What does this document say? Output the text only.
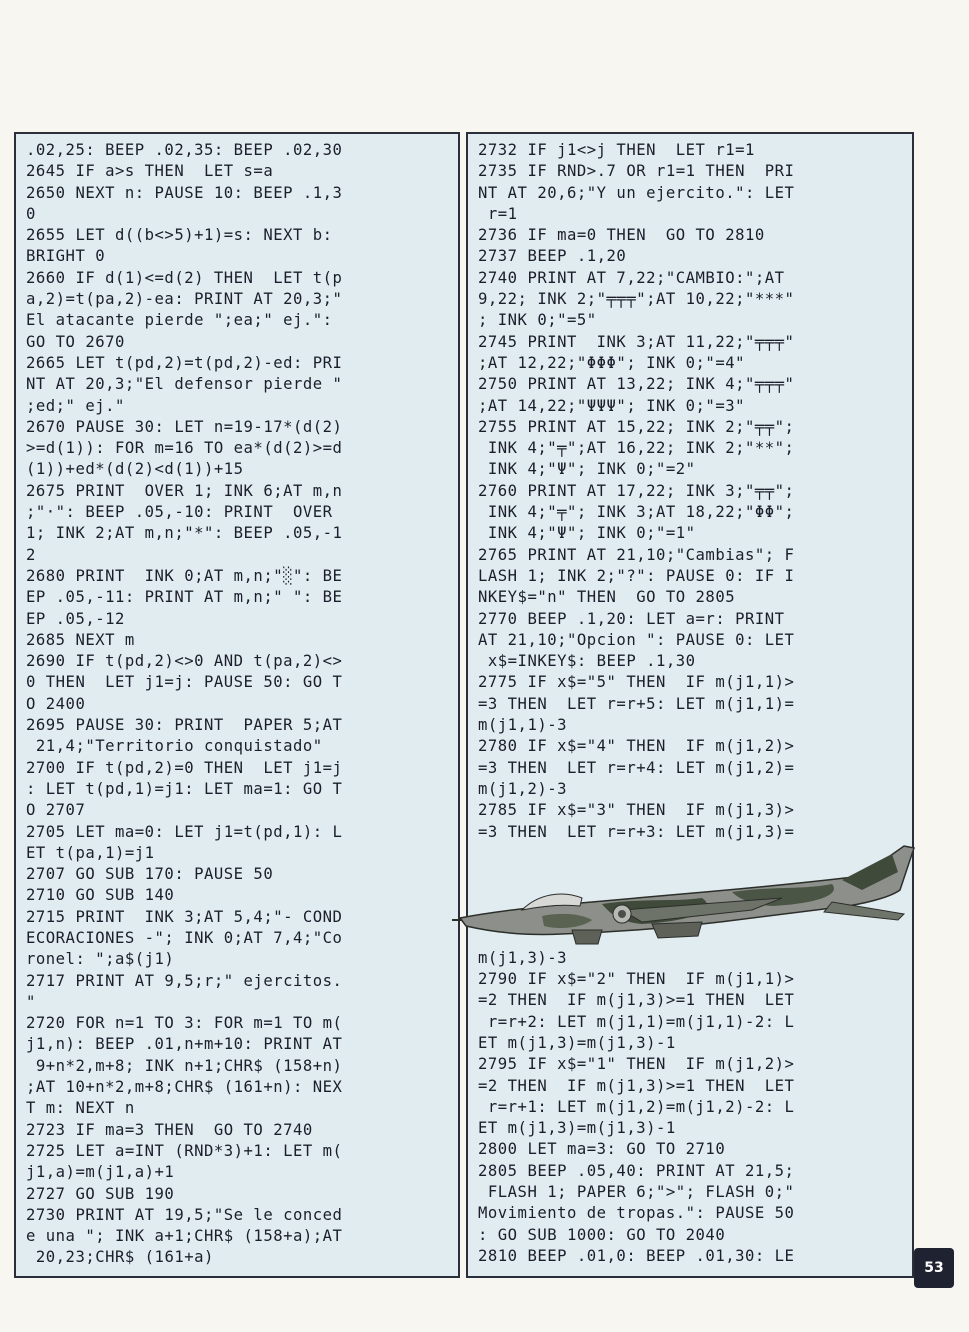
.02,25: BEEP .02,35: BEEP .02,30
2645 IF a>s THEN  LET s=a
2650 NEXT n: PAUSE 10: BEEP .1,3
0
2655 LET d((b<>5)+1)=s: NEXT b:
BRIGHT 0
2660 IF d(1)<=d(2) THEN  LET t(p
a,2)=t(pa,2)-ea: PRINT AT 20,3;"
El atacante pierde ";ea;" ej.":
GO TO 2670
2665 LET t(pd,2)=t(pd,2)-ed: PRI
NT AT 20,3;"El defensor pierde "
;ed;" ej."
2670 PAUSE 30: LET n=19-17*(d(2)
>=d(1)): FOR m=16 TO ea*(d(2)>=d
(1))+ed*(d(2)<d(1))+15
2675 PRINT  OVER 1; INK 6;AT m,n
;"·": BEEP .05,-10: PRINT  OVER
1; INK 2;AT m,n;"*": BEEP .05,-1
2
2680 PRINT  INK 0;AT m,n;"░": BE
EP .05,-11: PRINT AT m,n;" ": BE
EP .05,-12
2685 NEXT m
2690 IF t(pd,2)<>0 AND t(pa,2)<>
0 THEN  LET j1=j: PAUSE 50: GO T
O 2400
2695 PAUSE 30: PRINT  PAPER 5;AT
21,4;"Territorio conquistado"
2700 IF t(pd,2)=0 THEN  LET j1=j
: LET t(pd,1)=j1: LET ma=1: GO T
O 2707
2705 LET ma=0: LET j1=t(pd,1): L
ET t(pa,1)=j1
2707 GO SUB 170: PAUSE 50
2710 GO SUB 140
2715 PRINT  INK 3;AT 5,4;"- COND
ECORACIONES -"; INK 0;AT 7,4;"Co
ronel: ";a$(j1)
2717 PRINT AT 9,5;r;" ejercitos.
"
2720 FOR n=1 TO 3: FOR m=1 TO m(
j1,n): BEEP .01,n+m+10: PRINT AT
9+n*2,m+8; INK n+1;CHR$ (158+n)
;AT 10+n*2,m+8;CHR$ (161+n): NEX
T m: NEXT n
2723 IF ma=3 THEN  GO TO 2740
2725 LET a=INT (RND*3)+1: LET m(
j1,a)=m(j1,a)+1
2727 GO SUB 190
2730 PRINT AT 19,5;"Se le conced
e una "; INK a+1;CHR$ (158+a);AT
20,23;CHR$ (161+a)
2732 IF j1<>j THEN  LET r1=1
2735 IF RND>.7 OR r1=1 THEN  PRI
NT AT 20,6;"Y un ejercito.": LET
r=1
2736 IF ma=0 THEN  GO TO 2810
2737 BEEP .1,20
2740 PRINT AT 7,22;"CAMBIO:";AT
9,22; INK 2;"╤╤╤";AT 10,22;"***"
; INK 0;"=5"
2745 PRINT  INK 3;AT 11,22;"╤╤╤"
;AT 12,22;"ΦΦΦ"; INK 0;"=4"
2750 PRINT AT 13,22; INK 4;"╤╤╤"
;AT 14,22;"ΨΨΨ"; INK 0;"=3"
2755 PRINT AT 15,22; INK 2;"╤╤";
INK 4;"╤";AT 16,22; INK 2;"**";
INK 4;"Ψ"; INK 0;"=2"
2760 PRINT AT 17,22; INK 3;"╤╤";
INK 4;"╤"; INK 3;AT 18,22;"ΦΦ";
INK 4;"Ψ"; INK 0;"=1"
2765 PRINT AT 21,10;"Cambias"; F
LASH 1; INK 2;"?": PAUSE 0: IF I
NKEY$="n" THEN  GO TO 2805
2770 BEEP .1,20: LET a=r: PRINT
AT 21,10;"Opcion ": PAUSE 0: LET
x$=INKEY$: BEEP .1,30
2775 IF x$="5" THEN  IF m(j1,1)>
=3 THEN  LET r=r+5: LET m(j1,1)=
m(j1,1)-3
2780 IF x$="4" THEN  IF m(j1,2)>
=3 THEN  LET r=r+4: LET m(j1,2)=
m(j1,2)-3
2785 IF x$="3" THEN  IF m(j1,3)>
=3 THEN  LET r=r+3: LET m(j1,3)=
m(j1,3)-3
2790 IF x$="2" THEN  IF m(j1,1)>
=2 THEN  IF m(j1,3)>=1 THEN  LET
r=r+2: LET m(j1,1)=m(j1,1)-2: L
ET m(j1,3)=m(j1,3)-1
2795 IF x$="1" THEN  IF m(j1,2)>
=2 THEN  IF m(j1,3)>=1 THEN  LET
r=r+1: LET m(j1,2)=m(j1,2)-2: L
ET m(j1,3)=m(j1,3)-1
2800 LET ma=3: GO TO 2710
2805 BEEP .05,40: PRINT AT 21,5;
FLASH 1; PAPER 6;">"; FLASH 0;"
Movimiento de tropas.": PAUSE 50
: GO SUB 1000: GO TO 2040
2810 BEEP .01,0: BEEP .01,30: LE
53
